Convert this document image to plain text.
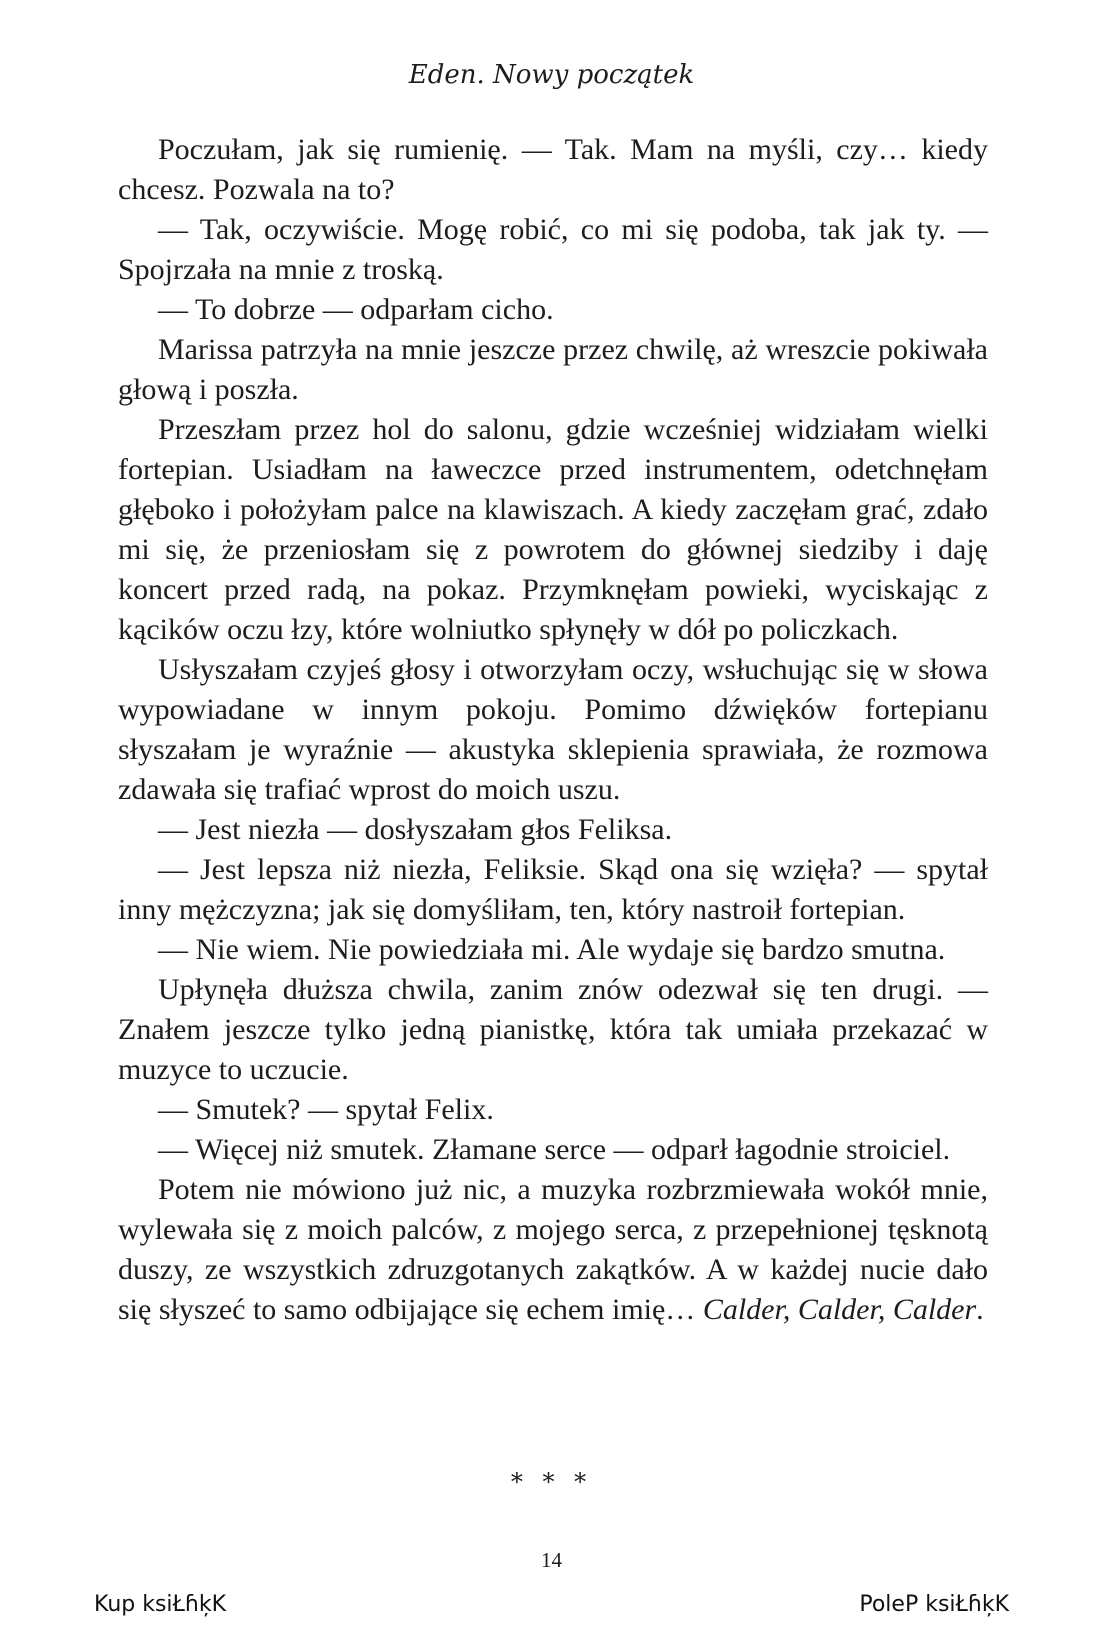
Eden. Nowy początek

Poczułam, jak się rumienię. — Tak. Mam na myśli, czy… kiedy chcesz. Pozwala na to?

— Tak, oczywiście. Mogę robić, co mi się podoba, tak jak ty. — Spojrzała na mnie z troską.

— To dobrze — odparłam cicho.

Marissa patrzyła na mnie jeszcze przez chwilę, aż wreszcie pokiwała głową i poszła.

Przeszłam przez hol do salonu, gdzie wcześniej widziałam wielki fortepian. Usiadłam na ławeczce przed instrumentem, odetchnęłam głęboko i położyłam palce na klawiszach. A kiedy zaczęłam grać, zdało mi się, że przeniosłam się z powrotem do głównej siedziby i daję koncert przed radą, na pokaz. Przymknęłam powieki, wyciskając z kącików oczu łzy, które wolniutko spłynęły w dół po policzkach.

Usłyszałam czyjeś głosy i otworzyłam oczy, wsłuchując się w słowa wypowiadane w innym pokoju. Pomimo dźwięków fortepianu słyszałam je wyraźnie — akustyka sklepienia sprawiała, że rozmowa zdawała się trafiać wprost do moich uszu.

— Jest niezła — dosłyszałam głos Feliksa.

— Jest lepsza niż niezła, Feliksie. Skąd ona się wzięła? — spytał inny mężczyzna; jak się domyśliłam, ten, który nastroił fortepian.

— Nie wiem. Nie powiedziała mi. Ale wydaje się bardzo smutna.

Upłynęła dłuższa chwila, zanim znów odezwał się ten drugi. — Znałem jeszcze tylko jedną pianistkę, która tak umiała przekazać w muzyce to uczucie.

— Smutek? — spytał Felix.

— Więcej niż smutek. Złamane serce — odparł łagodnie stroiciel.

Potem nie mówiono już nic, a muzyka rozbrzmiewała wokół mnie, wylewała się z moich palców, z mojego serca, z przepełnionej tęsknotą duszy, ze wszystkich zdruzgotanych zakątków. A w każdej nucie dało się słyszeć to samo odbijające się echem imię… Calder, Calder, Calder.

* * *
14
Kup ksiŁɦķK	PoleP ksiŁɦķK
